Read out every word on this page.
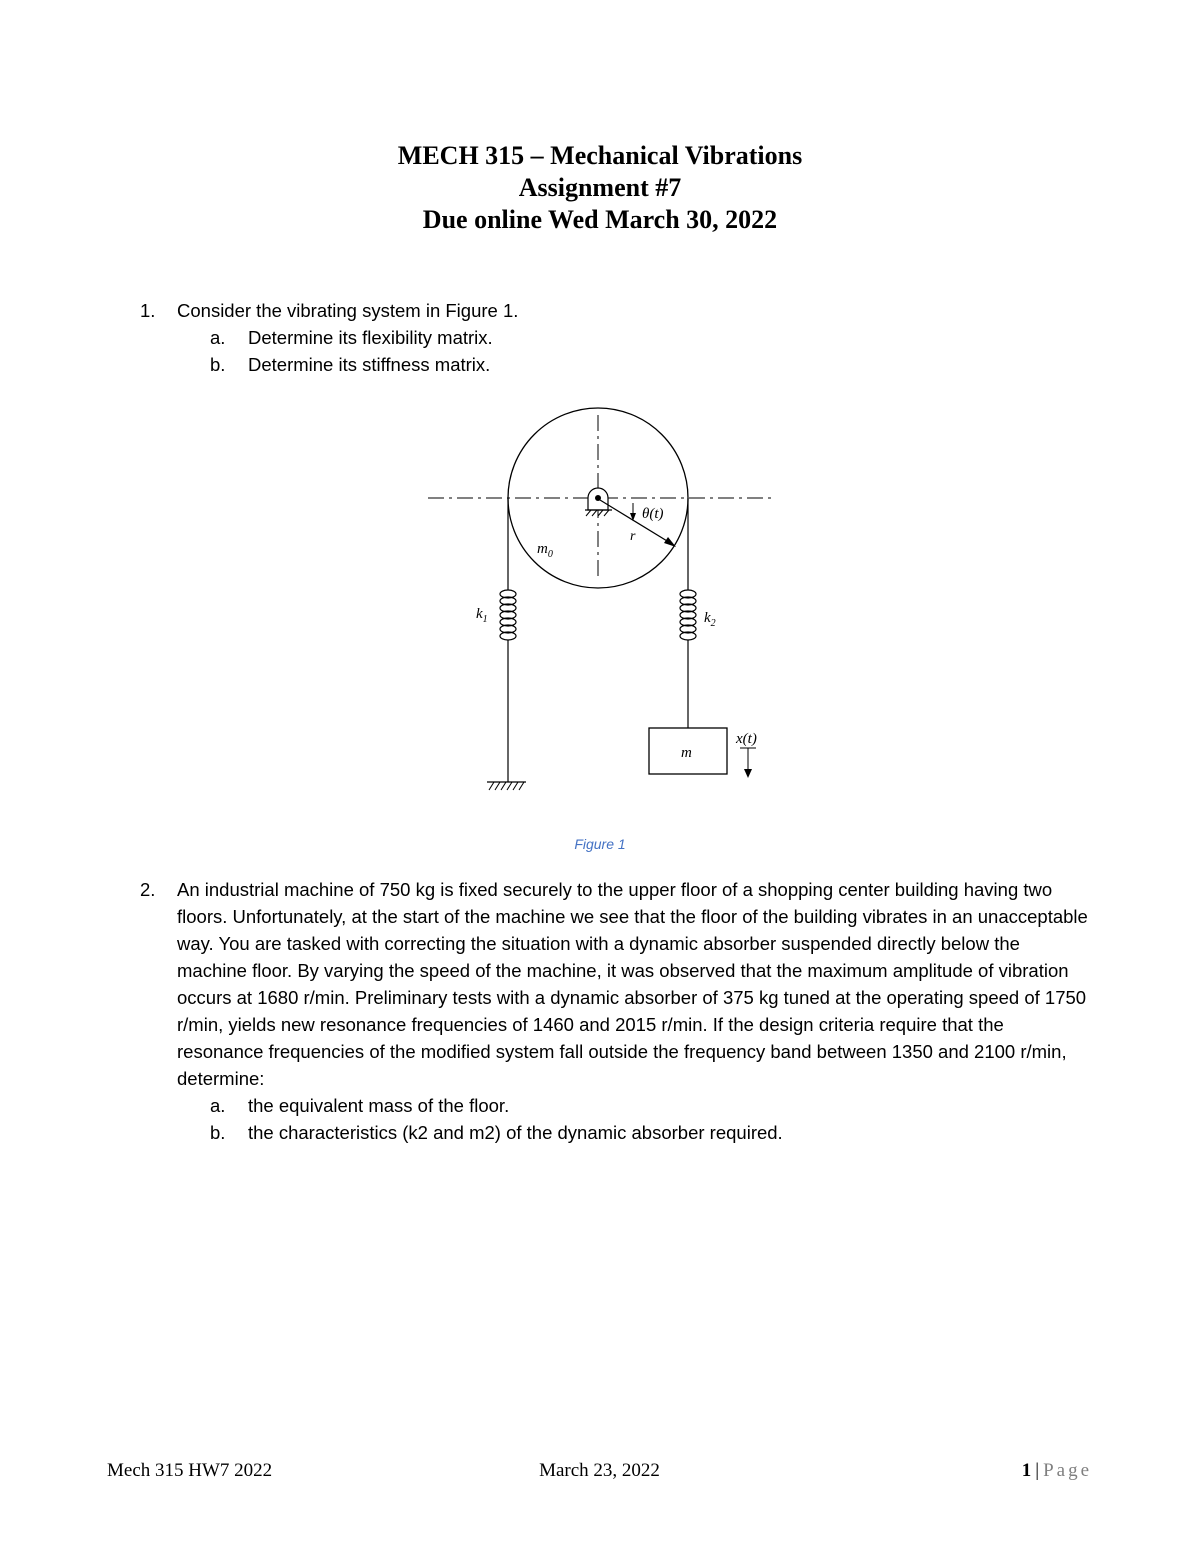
MECH 315 – Mechanical Vibrations
Assignment #7
Due online Wed March 30, 2022
1. Consider the vibrating system in Figure 1.
a. Determine its flexibility matrix.
b. Determine its stiffness matrix.
θ(t)
r
$m_0$
$k_1$	$k_2$
m
x(t)
Figure 1
2. An industrial machine of 750 kg is fixed securely to the upper floor of a shopping center building having two floors. Unfortunately, at the start of the machine we see that the floor of the building vibrates in an unacceptable way. You are tasked with correcting the situation with a dynamic absorber suspended directly below the machine floor. By varying the speed of the machine, it was observed that the maximum amplitude of vibration occurs at 1680 r/min. Preliminary tests with a dynamic absorber of 375 kg tuned at the operating speed of 1750 r/min, yields new resonance frequencies of 1460 and 2015 r/min. If the design criteria require that the resonance frequencies of the modified system fall outside the frequency band between 1350 and 2100 r/min, determine:
a. the equivalent mass of the floor.
b. the characteristics (k2 and m2) of the dynamic absorber required.
Mech 315 HW7 2022	March 23, 2022	1 | Page
